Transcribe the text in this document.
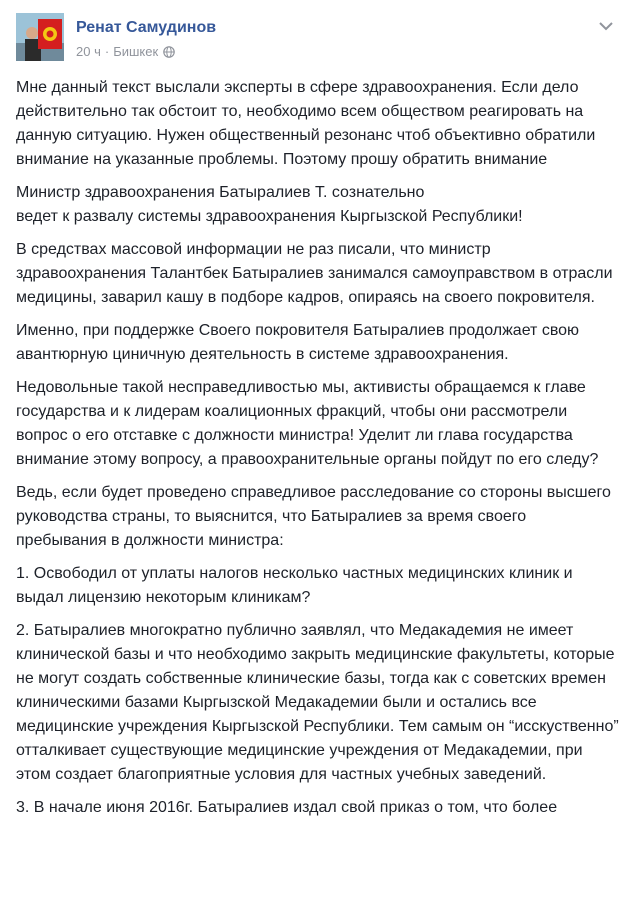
Ренат Самудинов
20 ч · Бишкек

Мне данный текст выслали эксперты в сфере здравоохранения. Если дело действительно так обстоит то, необходимо всем обществом реагировать на данную ситуацию. Нужен общественный резонанс чтоб объективно обратили внимание на указанные проблемы. Поэтому прошу обратить внимание

Министр здравоохранения Батыралиев Т. сознательно
ведет к развалу системы здравоохранения Кыргызской Республики!

В средствах массовой информации не раз писали, что министр здравоохранения Талантбек Батыралиев занимался самоуправством в отрасли медицины, заварил кашу в подборе кадров, опираясь на своего покровителя.

Именно, при поддержке Своего покровителя Батыралиев продолжает свою авантюрную циничную деятельность в системе здравоохранения.

Недовольные такой несправедливостью мы, активисты обращаемся к главе государства и к лидерам коалиционных фракций, чтобы они рассмотрели вопрос о его отставке с должности министра! Уделит ли глава государства внимание этому вопросу, а правоохранительные органы пойдут по его следу?

Ведь, если будет проведено справедливое расследование со стороны высшего руководства страны, то выяснится, что Батыралиев за время своего пребывания в должности министра:

1. Освободил от уплаты налогов несколько частных медицинских клиник и выдал лицензию некоторым клиникам?

2. Батыралиев многократно публично заявлял, что Медакадемия не имеет клинической базы и что необходимо закрыть медицинские факультеты, которые не могут создать собственные клинические базы, тогда как с советских времен клиническими базами Кыргызской Медакадемии были и остались все медицинские учреждения Кыргызской Республики. Тем самым он “исскуственно” отталкивает существующие медицинские учреждения от Медакадемии, при этом создает благоприятные условия для частных учебных заведений.

3. В начале июня 2016г. Батыралиев издал свой приказ о том, что более
